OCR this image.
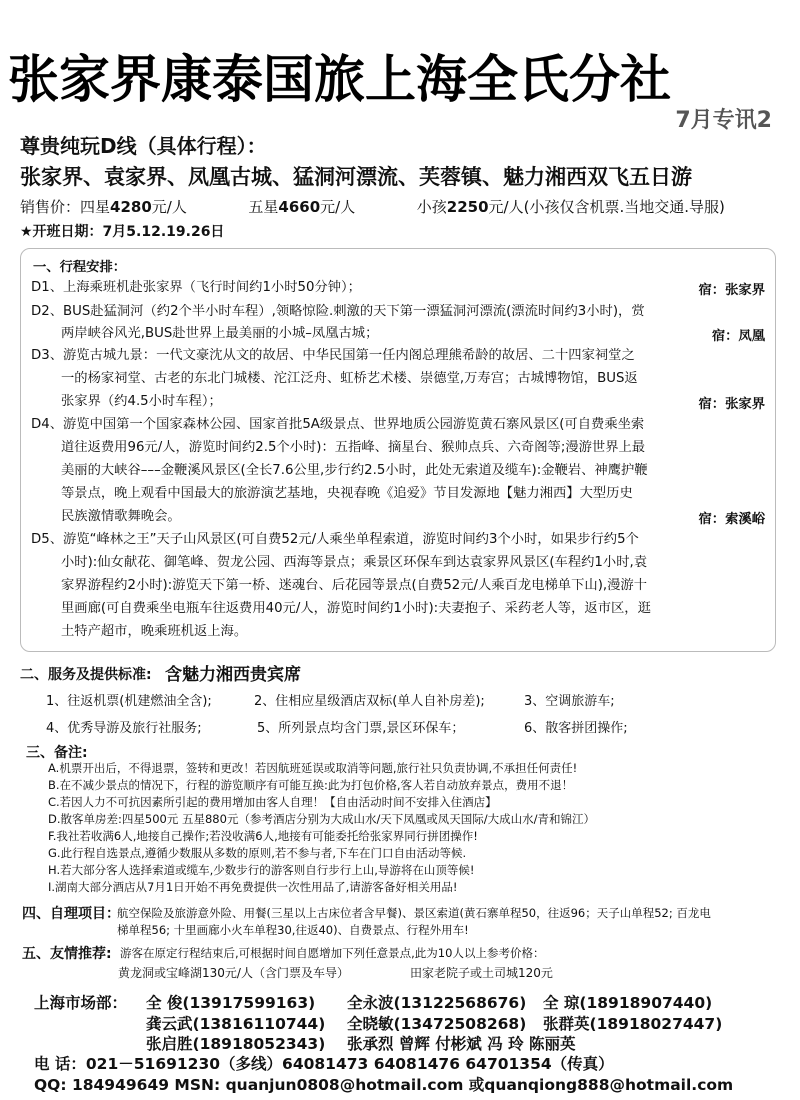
张家界康泰国旅上海全氏分社
7月专讯2
尊贵纯玩D线（具体行程）：
张家界、袁家界、凤凰古城、猛洞河漂流、芙蓉镇、魅力湘西双飞五日游
销售价：四星4280元/人	五星4660元/人	小孩2250元/人(小孩仅含机票.当地交通.导服)
★开班日期：7月5.12.19.26日
一、行程安排：
D1、上海乘班机赴张家界（飞行时间约1小时50分钟）；	宿：张家界
D2、BUS赴猛洞河（约2个半小时车程）,领略惊险.刺激的天下第一漂猛洞河漂流(漂流时间约3小时)，赏
两岸峡谷风光,BUS赴世界上最美丽的小城–凤凰古城；	宿：凤凰
D3、游览古城九景：一代文豪沈从文的故居、中华民国第一任内阁总理熊希龄的故居、二十四家祠堂之
一的杨家祠堂、古老的东北门城楼、沱江泛舟、虹桥艺术楼、崇德堂,万寿宫；古城博物馆，BUS返
张家界（约4.5小时车程）；	宿：张家界
D4、游览中国第一个国家森林公园、国家首批5A级景点、世界地质公园游览黄石寨风景区(可自费乘坐索
道往返费用96元/人，游览时间约2.5个小时)：五指峰、摘星台、猴帅点兵、六奇阁等;漫游世界上最
美丽的大峡谷–––金鞭溪风景区(全长7.6公里,步行约2.5小时，此处无索道及缆车):金鞭岩、神鹰护鞭
等景点，晚上观看中国最大的旅游演艺基地，央视春晚《追爱》节目发源地【魅力湘西】大型历史
民族激情歌舞晚会。	宿：索溪峪
D5、游览“峰林之王”天子山风景区(可自费52元/人乘坐单程索道，游览时间约3个小时，如果步行约5个
小时):仙女献花、御笔峰、贺龙公园、西海等景点；乘景区环保车到达袁家界风景区(车程约1小时,袁
家界游程约2小时):游览天下第一桥、迷魂台、后花园等景点(自费52元/人乘百龙电梯单下山),漫游十
里画廊(可自费乘坐电瓶车往返费用40元/人，游览时间约1小时):夫妻抱子、采药老人等，返市区，逛
土特产超市，晚乘班机返上海。
二、服务及提供标准: 含魅力湘西贵宾席
1、往返机票(机建燃油全含);	2、住相应星级酒店双标(单人自补房差);	3、空调旅游车;
4、优秀导游及旅行社服务;	5、所列景点均含门票,景区环保车；	6、散客拼团操作;
三、备注:
A.机票开出后，不得退票，签转和更改！若因航班延误或取消等问题,旅行社只负责协调,不承担任何责任!
B.在不减少景点的情况下，行程的游览顺序有可能互换:此为打包价格,客人若自动放弃景点，费用不退！
C.若因人力不可抗因素所引起的费用增加由客人自理！【自由活动时间不安排入住酒店】
D.散客单房差:四星500元 五星880元（参考酒店分别为大成山水/天下凤凰或凤天国际/大成山水/青和锦江）
F.我社若收满6人,地接自己操作;若没收满6人,地接有可能委托给张家界同行拼团操作!
G.此行程自选景点,遵循少数服从多数的原则,若不参与者,下车在门口自由活动等候.
H.若大部分客人选择索道或缆车,少数步行的游客则自行步行上山,导游将在山顶等候!
I.湖南大部分酒店从7月1日开始不再免费提供一次性用品了,请游客备好相关用品!
四、自理项目：
航空保险及旅游意外险、用餐(三星以上古床位者含早餐)、景区索道(黄石寨单程50，往返96；天子山单程52; 百龙电
梯单程56; 十里画廊小火车单程30,往返40)、自费景点、行程外用车!
五、友情推荐: 游客在原定行程结束后,可根据时间自愿增加下列任意景点,此为10人以上参考价格：
黄龙洞或宝峰湖130元/人（含门票及车导）	田家老院子或土司城120元
上海市场部： 全 俊(13917599163) 全永波(13122568676) 全 琼(18918907440)
龚云武(13816110744) 全晓敏(13472508268) 张群英(18918027447)
张启胜(18918052343) 张承烈 曾辉 付彬斌 冯 玲 陈丽英
电 话：021－51691230（多线）64081473 64081476 64701354（传真）
QQ: 184949649 MSN: quanjun0808@hotmail.com 或quanqiong888@hotmail.com
